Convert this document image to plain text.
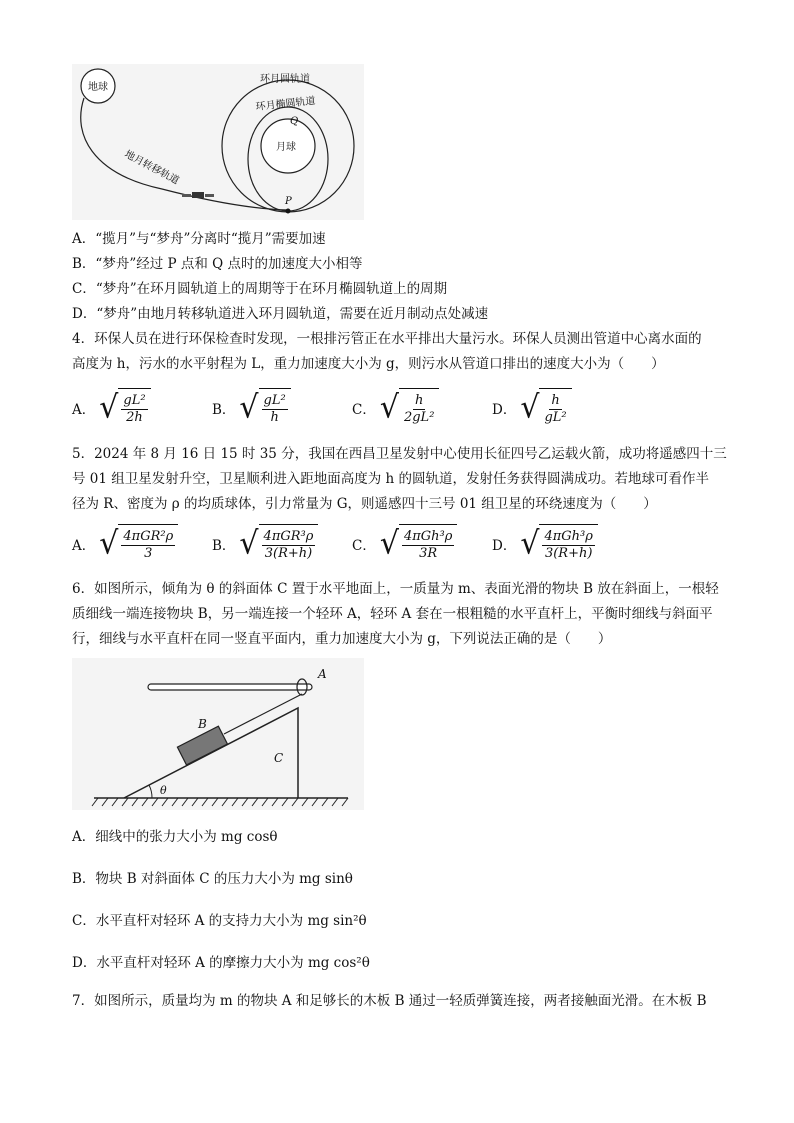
地球
月球
环月圆轨道
环月椭圆轨道
地月转移轨道
Q
P
A．“揽月”与“梦舟”分离时“揽月”需要加速
B．“梦舟”经过 P 点和 Q 点时的加速度大小相等
C．“梦舟”在环月圆轨道上的周期等于在环月椭圆轨道上的周期
D．“梦舟”由地月转移轨道进入环月圆轨道，需要在近月制动点处减速
4．环保人员在进行环保检查时发现，一根排污管正在水平排出大量污水。环保人员测出管道中心离水面的
高度为 h，污水的水平射程为 L，重力加速度大小为 g，则污水从管道口排出的速度大小为（　　）
A． √ $\frac{\text{gL²}}{2h}$	B． √ $\frac{\text{gL²}}{h}$	C． √ $\frac{h}{\text{2gL²}}$	D． √ $\frac{h}{\text{gL²}}$
5．2024 年 8 月 16 日 15 时 35 分，我国在西昌卫星发射中心使用长征四号乙运载火箭，成功将遥感四十三
号 01 组卫星发射升空，卫星顺利进入距地面高度为 h 的圆轨道，发射任务获得圆满成功。若地球可看作半
径为 R、密度为 ρ 的均质球体，引力常量为 G，则遥感四十三号 01 组卫星的环绕速度为（　　）
A． √ $\frac{\text{4πGR²ρ}}{3}$	B． √ $\frac{\text{4πGR³ρ}}{3(R+h)}$	C． √ $\frac{\text{4πGh³ρ}}{3R}$	D． √ $\frac{\text{4πGh³ρ}}{3(R+h)}$
6．如图所示，倾角为 θ 的斜面体 C 置于水平地面上，一质量为 m、表面光滑的物块 B 放在斜面上，一根轻
质细线一端连接物块 B，另一端连接一个轻环 A，轻环 A 套在一根粗糙的水平直杆上，平衡时细线与斜面平
行，细线与水平直杆在同一竖直平面内，重力加速度大小为 g，下列说法正确的是（　　）
A
C
θ
B
A．细线中的张力大小为 mg cosθ
B．物块 B 对斜面体 C 的压力大小为 mg sinθ
C．水平直杆对轻环 A 的支持力大小为 mg sin²θ
D．水平直杆对轻环 A 的摩擦力大小为 mg cos²θ
7．如图所示，质量均为 m 的物块 A 和足够长的木板 B 通过一轻质弹簧连接，两者接触面光滑。在木板 B
